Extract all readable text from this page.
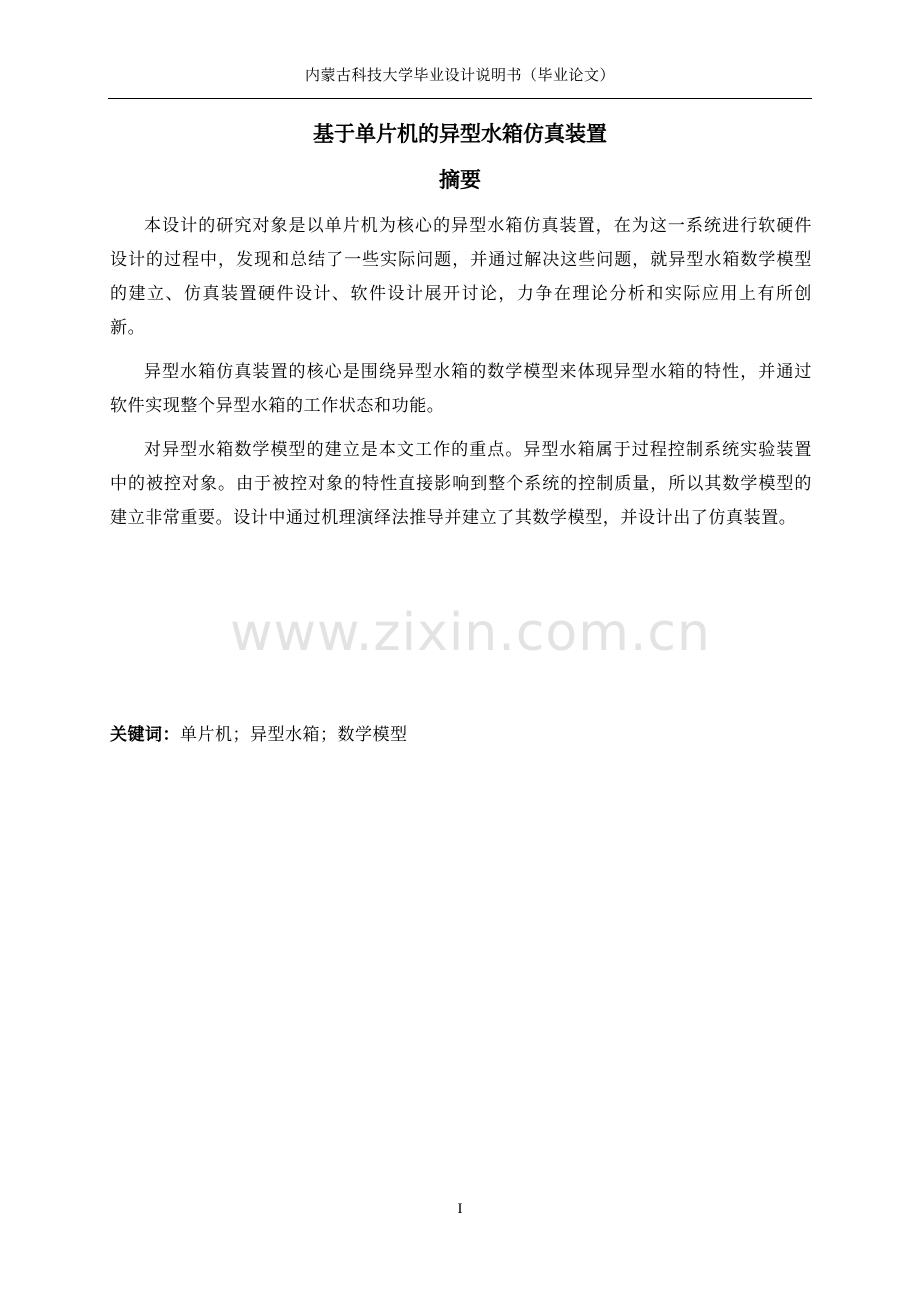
内蒙古科技大学毕业设计说明书（毕业论文）
基于单片机的异型水箱仿真装置
摘要

本设计的研究对象是以单片机为核心的异型水箱仿真装置，在为这一系统进行软硬件设计的过程中，发现和总结了一些实际问题，并通过解决这些问题，就异型水箱数学模型的建立、仿真装置硬件设计、软件设计展开讨论，力争在理论分析和实际应用上有所创新。

异型水箱仿真装置的核心是围绕异型水箱的数学模型来体现异型水箱的特性，并通过软件实现整个异型水箱的工作状态和功能。

对异型水箱数学模型的建立是本文工作的重点。异型水箱属于过程控制系统实验装置中的被控对象。由于被控对象的特性直接影响到整个系统的控制质量，所以其数学模型的建立非常重要。设计中通过机理演绎法推导并建立了其数学模型，并设计出了仿真装置。

www.zixin.com.cn
关键词：单片机；异型水箱；数学模型
I
